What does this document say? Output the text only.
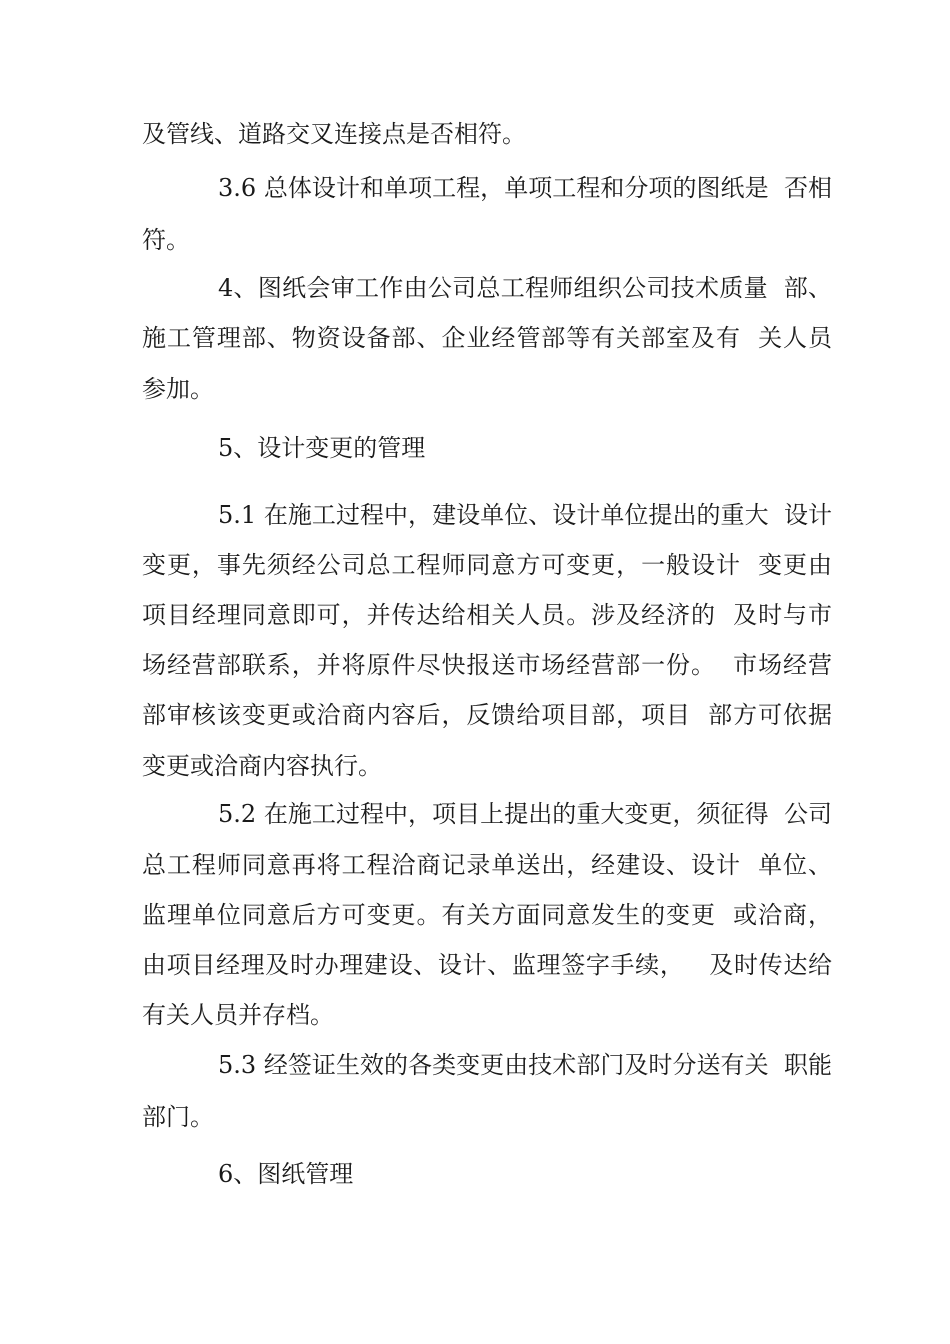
及管线、道路交叉连接点是否相符。
3.6 总体设计和单项工程，单项工程和分项的图纸是  否相
符。
4、图纸会审工作由公司总工程师组织公司技术质量  部、
施工管理部、物资设备部、企业经管部等有关部室及有  关人员
参加。
5、设计变更的管理
5.1 在施工过程中，建设单位、设计单位提出的重大  设计
变更，事先须经公司总工程师同意方可变更，一般设计  变更由
项目经理同意即可，并传达给相关人员。涉及经济的  及时与市
场经营部联系，并将原件尽快报送市场经营部一份。  市场经营
部审核该变更或洽商内容后，反馈给项目部，项目  部方可依据
变更或洽商内容执行。
5.2 在施工过程中，项目上提出的重大变更，须征得  公司
总工程师同意再将工程洽商记录单送出，经建设、设计  单位、
监理单位同意后方可变更。有关方面同意发生的变更  或洽商，
由项目经理及时办理建设、设计、监理签字手续，   及时传达给
有关人员并存档。
5.3 经签证生效的各类变更由技术部门及时分送有关  职能
部门。
6、图纸管理
